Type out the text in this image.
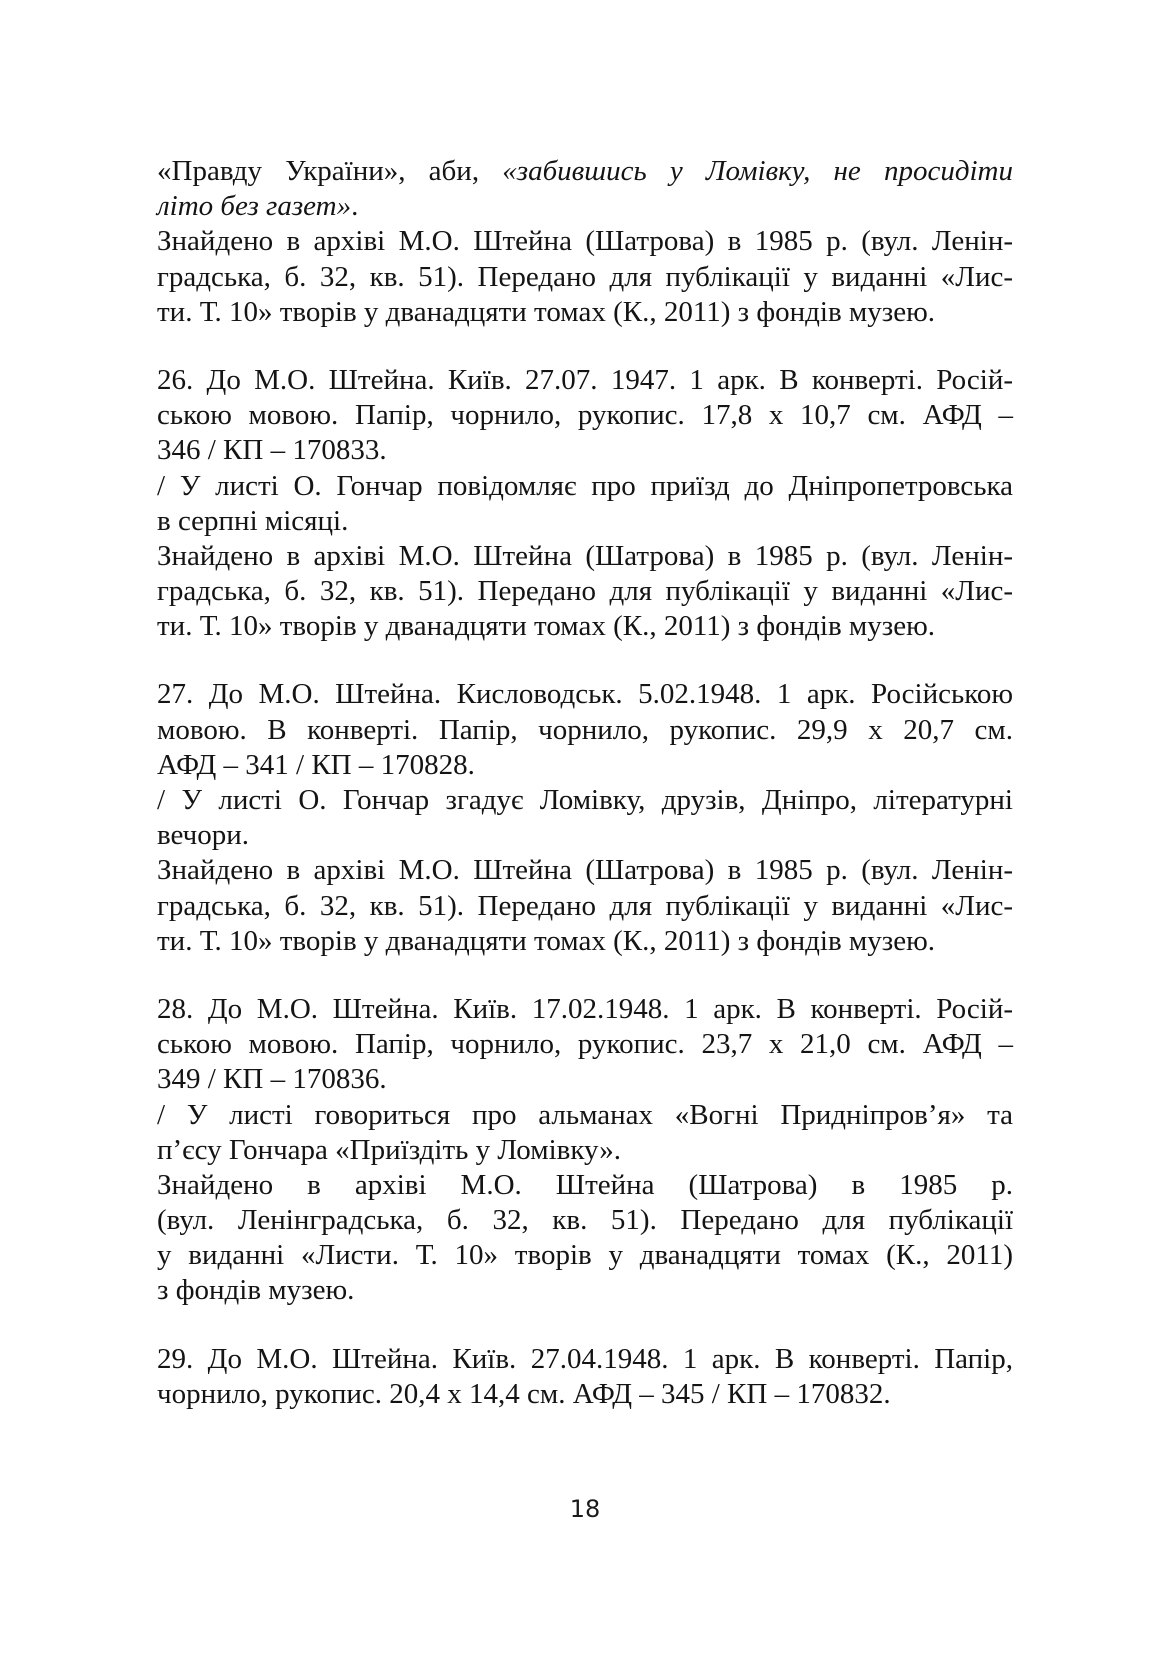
«Правду України», аби, «забившись у Ломівку, не просидіти
літо без газет».
Знайдено в архіві М.О. Штейна (Шатрова) в 1985 р. (вул. Ленін-
градська, б. 32, кв. 51). Передано для публікації у виданні «Лис-
ти. Т. 10» творів у дванадцяти томах (К., 2011) з фондів музею.
26. До М.О. Штейна. Київ. 27.07. 1947. 1 арк. В конверті. Росій-
ською мовою. Папір, чорнило, рукопис. 17,8 х 10,7 см. АФД –
346 / КП – 170833.
/ У листі О. Гончар повідомляє про приїзд до Дніпропетровська
в серпні місяці.
Знайдено в архіві М.О. Штейна (Шатрова) в 1985 р. (вул. Ленін-
градська, б. 32, кв. 51). Передано для публікації у виданні «Лис-
ти. Т. 10» творів у дванадцяти томах (К., 2011) з фондів музею.
27. До М.О. Штейна. Кисловодськ. 5.02.1948. 1 арк. Російською
мовою. В конверті. Папір, чорнило, рукопис. 29,9 х 20,7 см.
АФД – 341 / КП – 170828.
/ У листі О. Гончар згадує Ломівку, друзів, Дніпро, літературні
вечори.
Знайдено в архіві М.О. Штейна (Шатрова) в 1985 р. (вул. Ленін-
градська, б. 32, кв. 51). Передано для публікації у виданні «Лис-
ти. Т. 10» творів у дванадцяти томах (К., 2011) з фондів музею.
28. До М.О. Штейна. Київ. 17.02.1948. 1 арк. В конверті. Росій-
ською мовою. Папір, чорнило, рукопис. 23,7 х 21,0 см. АФД –
349 / КП – 170836.
/ У листі говориться про альманах «Вогні Придніпров’я» та
п’єсу Гончара «Приїздіть у Ломівку».
Знайдено в архіві М.О. Штейна (Шатрова) в 1985 р.
(вул. Ленінградська, б. 32, кв. 51). Передано для публікації
у виданні «Листи. Т. 10» творів у дванадцяти томах (К., 2011)
з фондів музею.
29. До М.О. Штейна. Київ. 27.04.1948. 1 арк. В конверті. Папір,
чорнило, рукопис. 20,4 х 14,4 см. АФД – 345 / КП – 170832.
18
